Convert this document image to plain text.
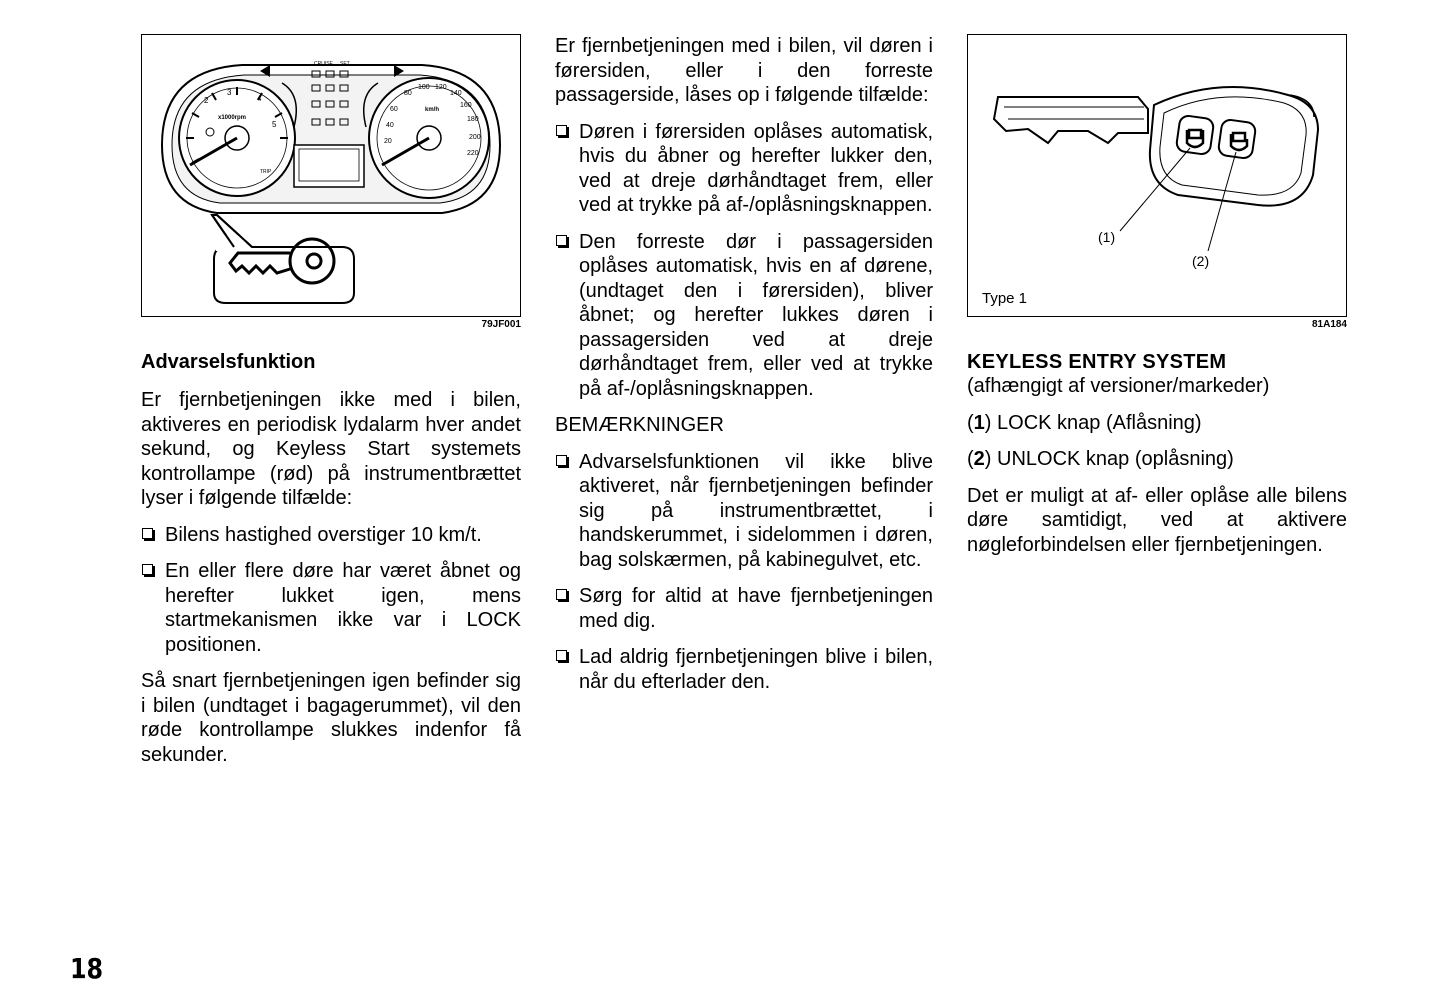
2
3
4
5
x1000rpm
TRIP
CRUISE SET
60
80
100 120
140
160
180
200
220
40
20
km/h
79JF001

Advarselsfunktion

Er fjernbetjeningen ikke med i bilen, aktiveres en periodisk lydalarm hver andet sekund, og Keyless Start systemets kontrollampe (rød) på instrumentbrættet lyser i følgende tilfælde:

Bilens hastighed overstiger 10 km/t.

En eller flere døre har været åbnet og herefter lukket igen, mens startmekanismen ikke var i LOCK positionen.

Så snart fjernbetjeningen igen befinder sig i bilen (undtaget i bagagerummet), vil den røde kontrollampe slukkes indenfor få sekunder.

Er fjernbetjeningen med i bilen, vil døren i førersiden, eller i den forreste passagerside, låses op i følgende tilfælde:

Døren i førersiden oplåses automatisk, hvis du åbner og herefter lukker den, ved at dreje dørhåndtaget frem, eller ved at trykke på af-/oplåsningsknappen.

Den forreste dør i passagersiden oplåses automatisk, hvis en af dørene, (undtaget den i førersiden), bliver åbnet; og herefter lukkes døren i passagersiden ved at dreje dørhåndtaget frem, eller ved at trykke på af-/oplåsningsknappen.

BEMÆRKNINGER

Advarselsfunktionen vil ikke blive aktiveret, når fjernbetjeningen befinder sig på instrumentbrættet, i handskerummet, i sidelommen i døren, bag solskærmen, på kabinegulvet, etc.

Sørg for altid at have fjernbetjeningen med dig.

Lad aldrig fjernbetjeningen blive i bilen, når du efterlader den.

(1)
(2)
Type 1
81A184

KEYLESS ENTRY SYSTEM

(afhængigt af versioner/markeder)

(1) LOCK knap (Aflåsning)

(2) UNLOCK knap (oplåsning)

Det er muligt at af- eller oplåse alle bilens døre samtidigt, ved at aktivere nøgleforbindelsen eller fjernbetjeningen.

18
